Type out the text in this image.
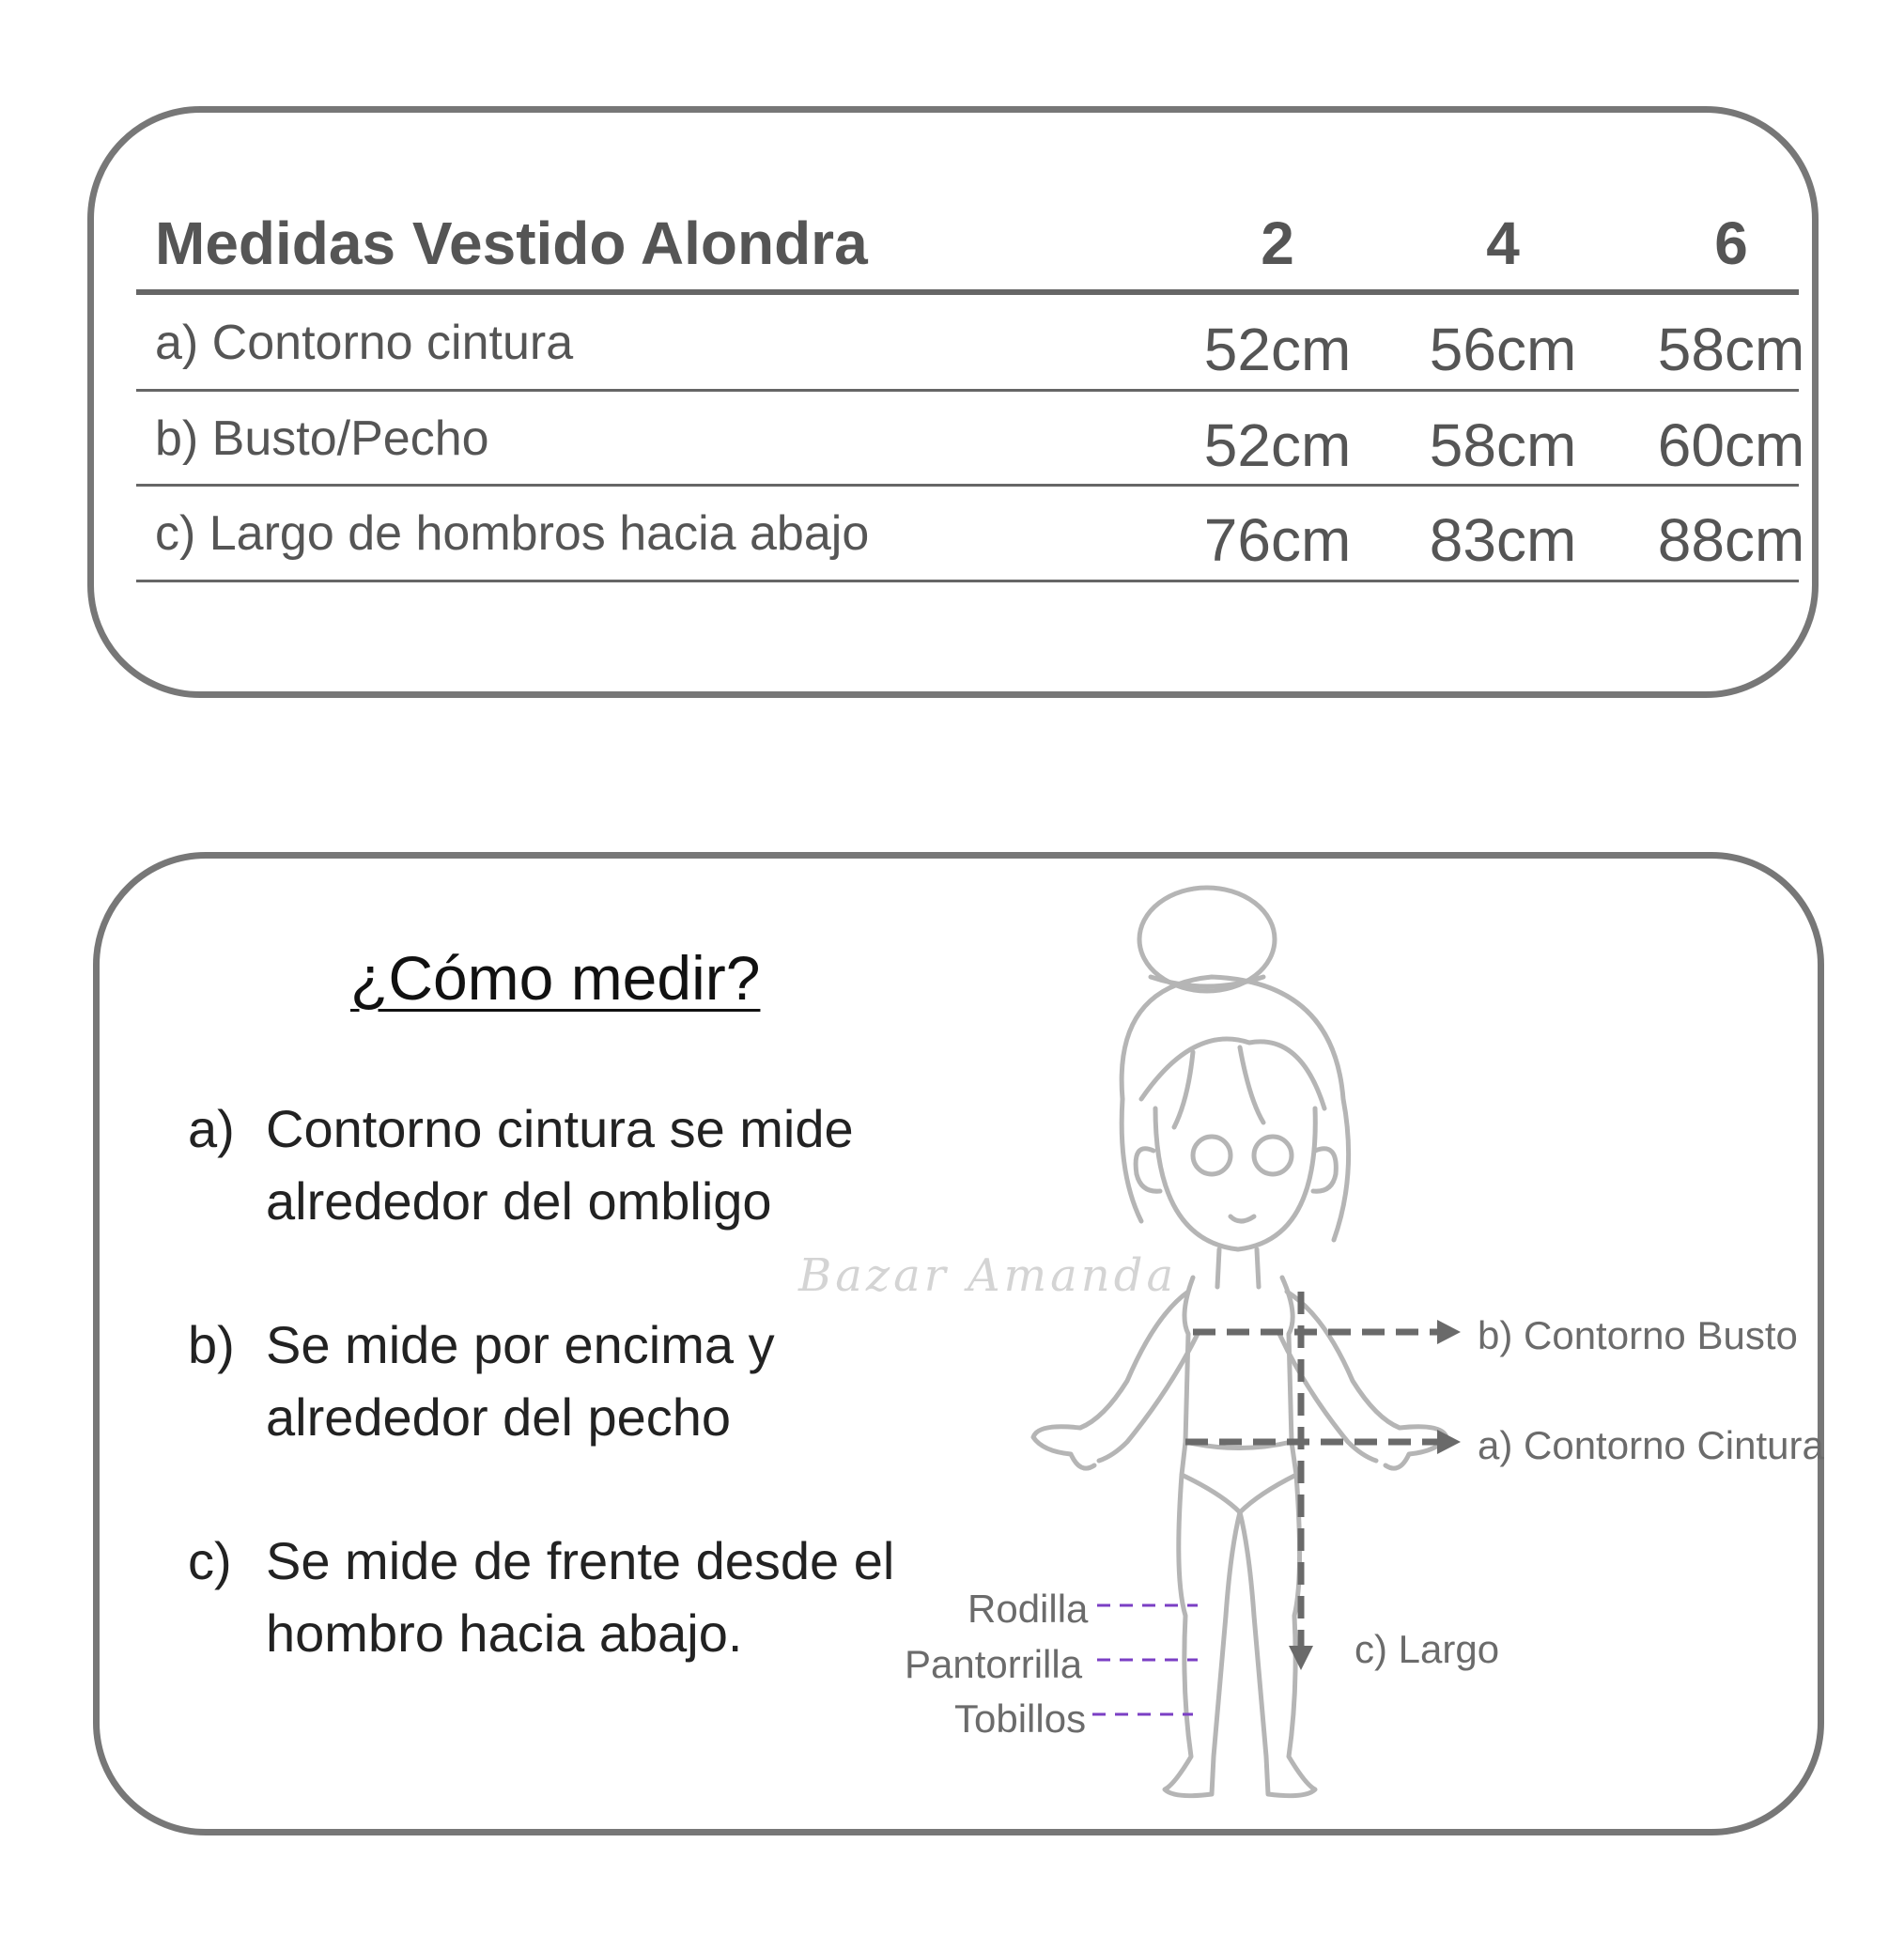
Medidas Vestido Alondra	2	4	6
a) Contorno cintura	52cm	56cm	58cm
b) Busto/Pecho	52cm	58cm	60cm
c) Largo de hombros hacia abajo	76cm	83cm	88cm
¿Cómo medir?
a) Contorno cintura se mide
alrededor del ombligo
b) Se mide por encima y
alrededor del pecho
c) Se mide de frente desde el
hombro hacia abajo.
Bazar Amanda
b) Contorno Busto
a) Contorno Cintura
c) Largo
Rodilla
Pantorrilla
Tobillos
